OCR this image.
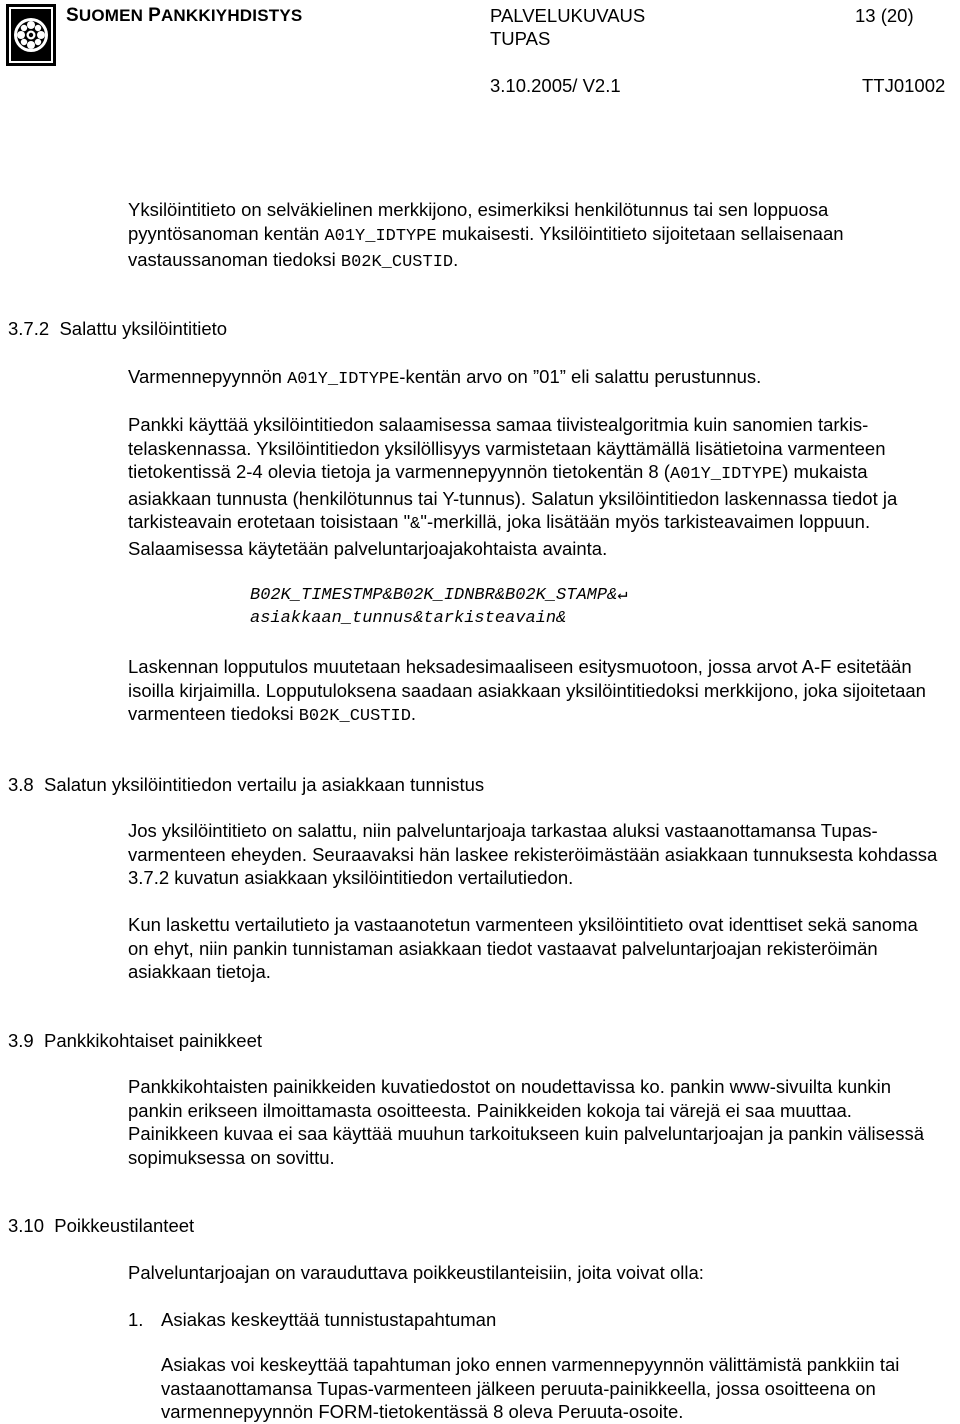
SUOMEN PANKKIYHDISTYS	PALVELUKUVAUS
TUPAS
13 (20)
3.10.2005/ V2.1	TTJ01002

Yksilöintitieto on selväkielinen merkkijono, esimerkiksi henkilötunnus tai sen loppuosa pyyntösanoman kentän A01Y_IDTYPE mukaisesti. Yksilöintitieto sijoitetaan sellaisenaan vastaussanoman tiedoksi B02K_CUSTID.

3.7.2 Salattu yksilöintitieto

Varmennepyynnön A01Y_IDTYPE-kentän arvo on ”01” eli salattu perustunnus.

Pankki käyttää yksilöintitiedon salaamisessa samaa tiivistealgoritmia kuin sanomien tarkistelaskennassa. Yksilöintitiedon yksilöllisyys varmistetaan käyttämällä lisätietoina varmenteen tietokentissä 2-4 olevia tietoja ja varmennepyynnön tietokentän 8 (A01Y_IDTYPE) mukaista asiakkaan tunnusta (henkilötunnus tai Y-tunnus). Salatun yksilöintitiedon laskennassa tiedot ja tarkisteavain erotetaan toisistaan "&"-merkillä, joka lisätään myös tarkisteavaimen loppuun. Salaamisessa käytetään palveluntarjoajakohtaista avainta.

B02K_TIMESTMP&B02K_IDNBR&B02K_STAMP&↵
asiakkaan_tunnus&tarkisteavain&

Laskennan lopputulos muutetaan heksadesimaaliseen esitysmuotoon, jossa arvot A-F esitetään isoilla kirjaimilla. Lopputuloksena saadaan asiakkaan yksilöintitiedoksi merkkijono, joka sijoitetaan varmenteen tiedoksi B02K_CUSTID.

3.8 Salatun yksilöintitiedon vertailu ja asiakkaan tunnistus

Jos yksilöintitieto on salattu, niin palveluntarjoaja tarkastaa aluksi vastaanottamansa Tupas-varmenteen eheyden. Seuraavaksi hän laskee rekisteröimästään asiakkaan tunnuksesta kohdassa 3.7.2 kuvatun asiakkaan yksilöintitiedon vertailutiedon.

Kun laskettu vertailutieto ja vastaanotetun varmenteen yksilöintitieto ovat identtiset sekä sanoma on ehyt, niin pankin tunnistaman asiakkaan tiedot vastaavat palveluntarjoajan rekisteröimän asiakkaan tietoja.

3.9 Pankkikohtaiset painikkeet

Pankkikohtaisten painikkeiden kuvatiedostot on noudettavissa ko. pankin www-sivuilta kunkin pankin erikseen ilmoittamasta osoitteesta. Painikkeiden kokoja tai värejä ei saa muuttaa. Painikkeen kuvaa ei saa käyttää muuhun tarkoitukseen kuin palveluntarjoajan ja pankin välisessä sopimuksessa on sovittu.

3.10 Poikkeustilanteet

Palveluntarjoajan on varauduttava poikkeustilanteisiin, joita voivat olla:

1. Asiakas keskeyttää tunnistustapahtuman

Asiakas voi keskeyttää tapahtuman joko ennen varmennepyynnön välittämistä pankkiin tai vastaanottamansa Tupas-varmenteen jälkeen peruuta-painikkeella, jossa osoitteena on varmennepyynnön FORM-tietokentässä 8 oleva Peruuta-osoite.
